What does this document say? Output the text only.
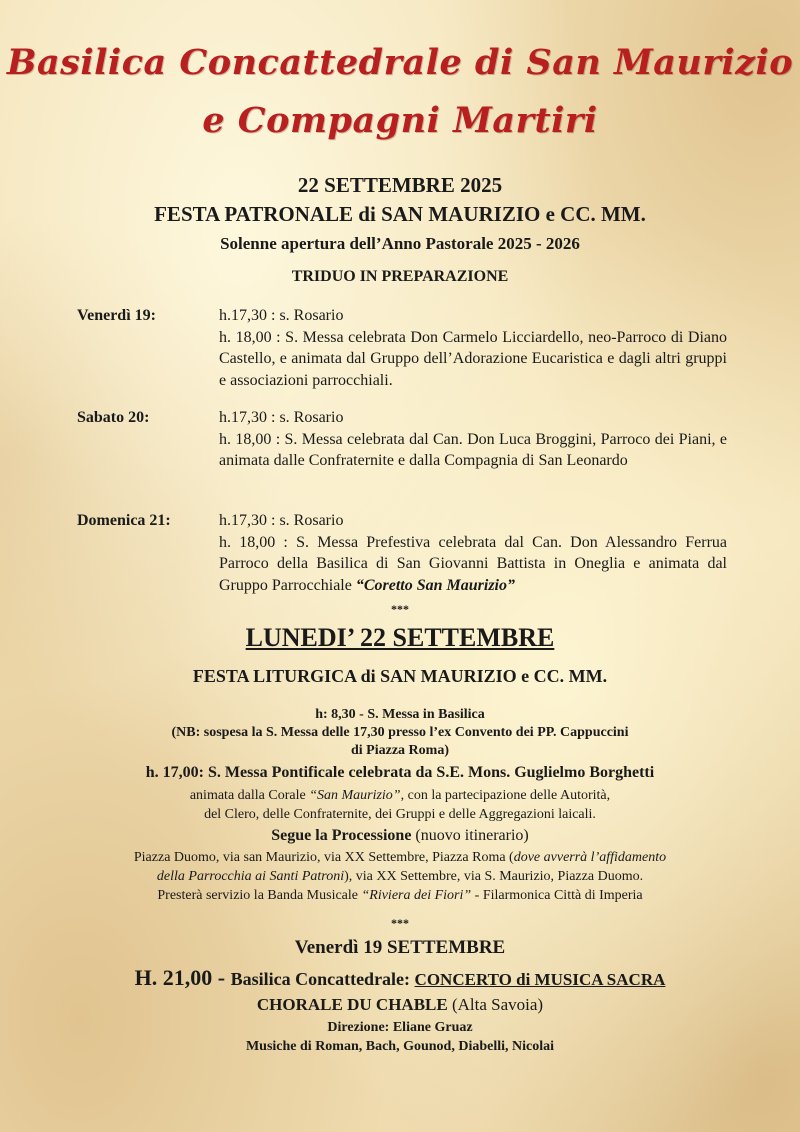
Basilica Concattedrale di San Maurizio
e Compagni Martiri
22 SETTEMBRE 2025
FESTA PATRONALE di SAN MAURIZIO e CC. MM.
Solenne apertura dell’Anno Pastorale 2025 - 2026
TRIDUO IN PREPARAZIONE
Venerdì 19:	h.17,30 : s. Rosario

h. 18,00 : S. Messa celebrata Don Carmelo Licciardello, neo-Parroco di Diano Castello, e animata dal Gruppo dell’Adorazione Eucaristica e dagli altri gruppi e associazioni parrocchiali.

Sabato 20:	h.17,30 : s. Rosario

h. 18,00 : S. Messa celebrata dal Can. Don Luca Broggini, Parroco dei Piani, e animata dalle Confraternite e dalla Compagnia di San Leonardo

Domenica 21:	h.17,30 : s. Rosario

h. 18,00 : S. Messa Prefestiva celebrata dal Can. Don Alessandro Ferrua Parroco della Basilica di San Giovanni Battista in Oneglia e animata dal Gruppo Parrocchiale “Coretto San Maurizio”

***
LUNEDI’ 22 SETTEMBRE
FESTA LITURGICA di SAN MAURIZIO e CC. MM.
h: 8,30 - S. Messa in Basilica
(NB: sospesa la S. Messa delle 17,30 presso l’ex Convento dei PP. Cappuccini
di Piazza Roma)
h. 17,00: S. Messa Pontificale celebrata da S.E. Mons. Guglielmo Borghetti
animata dalla Corale “San Maurizio”, con la partecipazione delle Autorità,
del Clero, delle Confraternite, dei Gruppi e delle Aggregazioni laicali.
Segue la Processione (nuovo itinerario)
Piazza Duomo, via san Maurizio, via XX Settembre, Piazza Roma (dove avverrà l’affidamento
della Parrocchia ai Santi Patroni), via XX Settembre, via S. Maurizio, Piazza Duomo.
Presterà servizio la Banda Musicale “Riviera dei Fiori” - Filarmonica Città di Imperia
***
Venerdì 19 SETTEMBRE
H. 21,00 - Basilica Concattedrale: CONCERTO di MUSICA SACRA
CHORALE DU CHABLE (Alta Savoia)
Direzione: Eliane Gruaz
Musiche di Roman, Bach, Gounod, Diabelli, Nicolai
